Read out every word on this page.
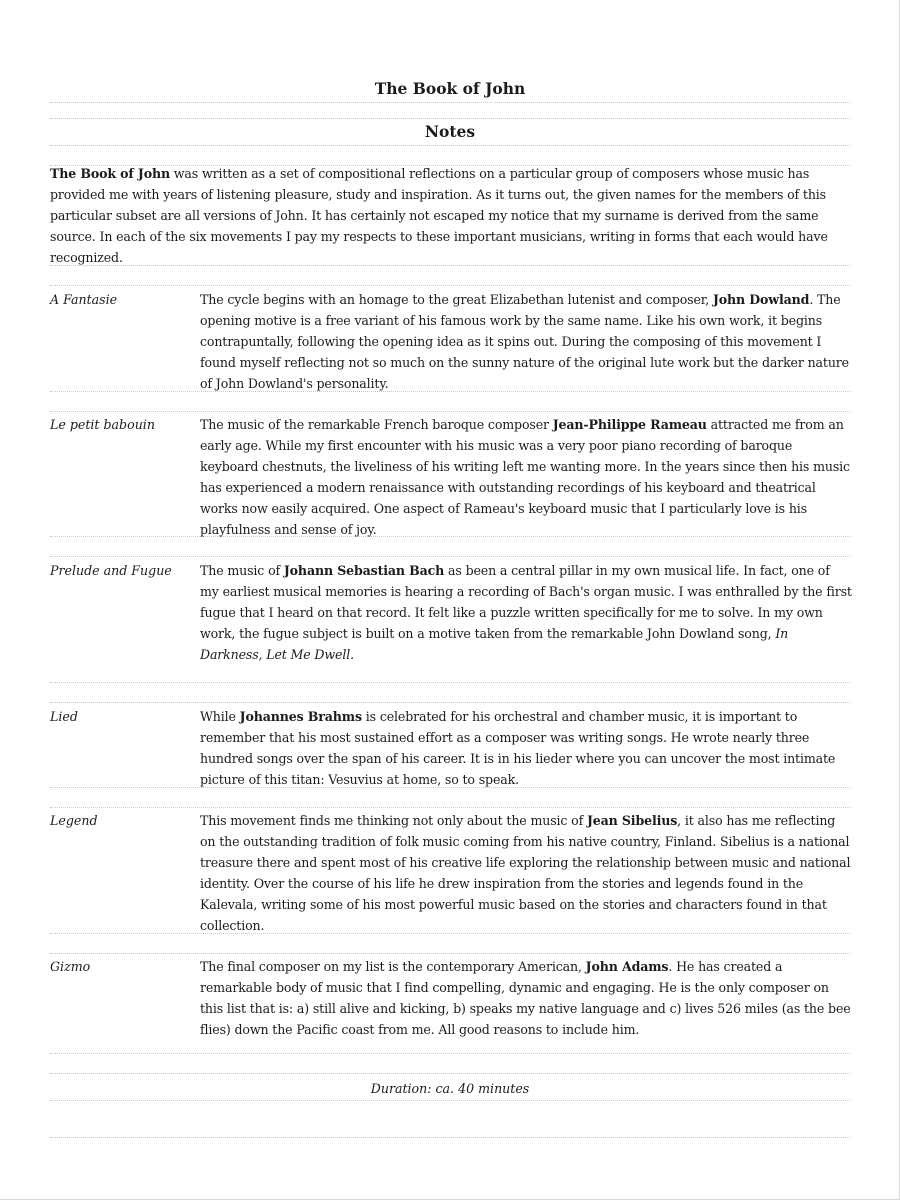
The Book of John
Notes
The Book of John was written as a set of compositional reflections on a particular group of composers whose music has provided me with years of listening pleasure, study and inspiration. As it turns out, the given names for the members of this particular subset are all versions of John. It has certainly not escaped my notice that my surname is derived from the same source. In each of the six movements I pay my respects to these important musicians, writing in forms that each would have recognized.
A Fantasie	The cycle begins with an homage to the great Elizabethan lutenist and composer, John Dowland. The opening motive is a free variant of his famous work by the same name. Like his own work, it begins contrapuntally, following the opening idea as it spins out. During the composing of this movement I found myself reflecting not so much on the sunny nature of the original lute work but the darker nature of John Dowland's personality.
Le petit babouin	The music of the remarkable French baroque composer Jean-Philippe Rameau attracted me from an early age. While my first encounter with his music was a very poor piano recording of baroque keyboard chestnuts, the liveliness of his writing left me wanting more. In the years since then his music has experienced a modern renaissance with outstanding recordings of his keyboard and theatrical works now easily acquired. One aspect of Rameau's keyboard music that I particularly love is his playfulness and sense of joy.
Prelude and Fugue	The music of Johann Sebastian Bach as been a central pillar in my own musical life. In fact, one of my earliest musical memories is hearing a recording of Bach's organ music. I was enthralled by the first fugue that I heard on that record. It felt like a puzzle written specifically for me to solve. In my own work, the fugue subject is built on a motive taken from the remarkable John Dowland song, In Darkness, Let Me Dwell.
Lied	While Johannes Brahms is celebrated for his orchestral and chamber music, it is important to remember that his most sustained effort as a composer was writing songs. He wrote nearly three hundred songs over the span of his career. It is in his lieder where you can uncover the most intimate picture of this titan: Vesuvius at home, so to speak.
Legend	This movement finds me thinking not only about the music of Jean Sibelius, it also has me reflecting on the outstanding tradition of folk music coming from his native country, Finland. Sibelius is a national treasure there and spent most of his creative life exploring the relationship between music and national identity. Over the course of his life he drew inspiration from the stories and legends found in the Kalevala, writing some of his most powerful music based on the stories and characters found in that collection.
Gizmo	The final composer on my list is the contemporary American, John Adams. He has created a remarkable body of music that I find compelling, dynamic and engaging. He is the only composer on this list that is: a) still alive and kicking, b) speaks my native language and c) lives 526 miles (as the bee flies) down the Pacific coast from me. All good reasons to include him.
Duration: ca. 40 minutes
